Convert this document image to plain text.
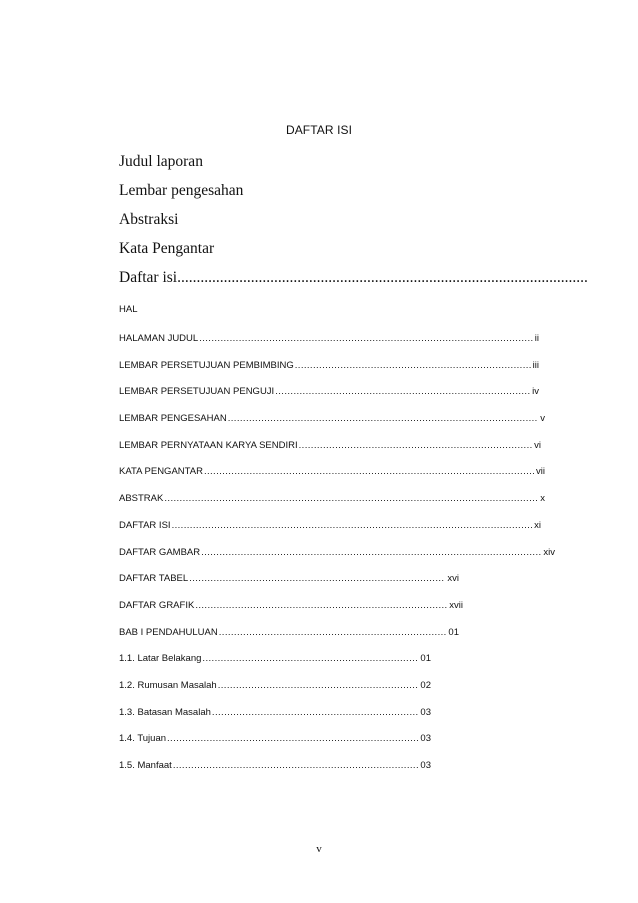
DAFTAR ISI
Judul laporan
Lembar pengesahan
Abstraksi
Kata Pengantar
Daftar isi..........................................................................................................
HAL
HALAMAN JUDUL .....	ii
LEMBAR PERSETUJUAN PEMBIMBING .....	iii
LEMBAR PERSETUJUAN PENGUJI .....	iv
LEMBAR PENGESAHAN .....	v
LEMBAR PERNYATAAN KARYA SENDIRI .....	vi
KATA PENGANTAR .....	vii
ABSTRAK .....	x
DAFTAR ISI .....	xi
DAFTAR GAMBAR .....	xiv
DAFTAR TABEL .....	xvi
DAFTAR GRAFIK .....	xvii
BAB I PENDAHULUAN .....	01
1.1. Latar Belakang .....	01
1.2. Rumusan Masalah .....	02
1.3. Batasan Masalah .....	03
1.4. Tujuan .....	03
1.5. Manfaat .....	03
v
